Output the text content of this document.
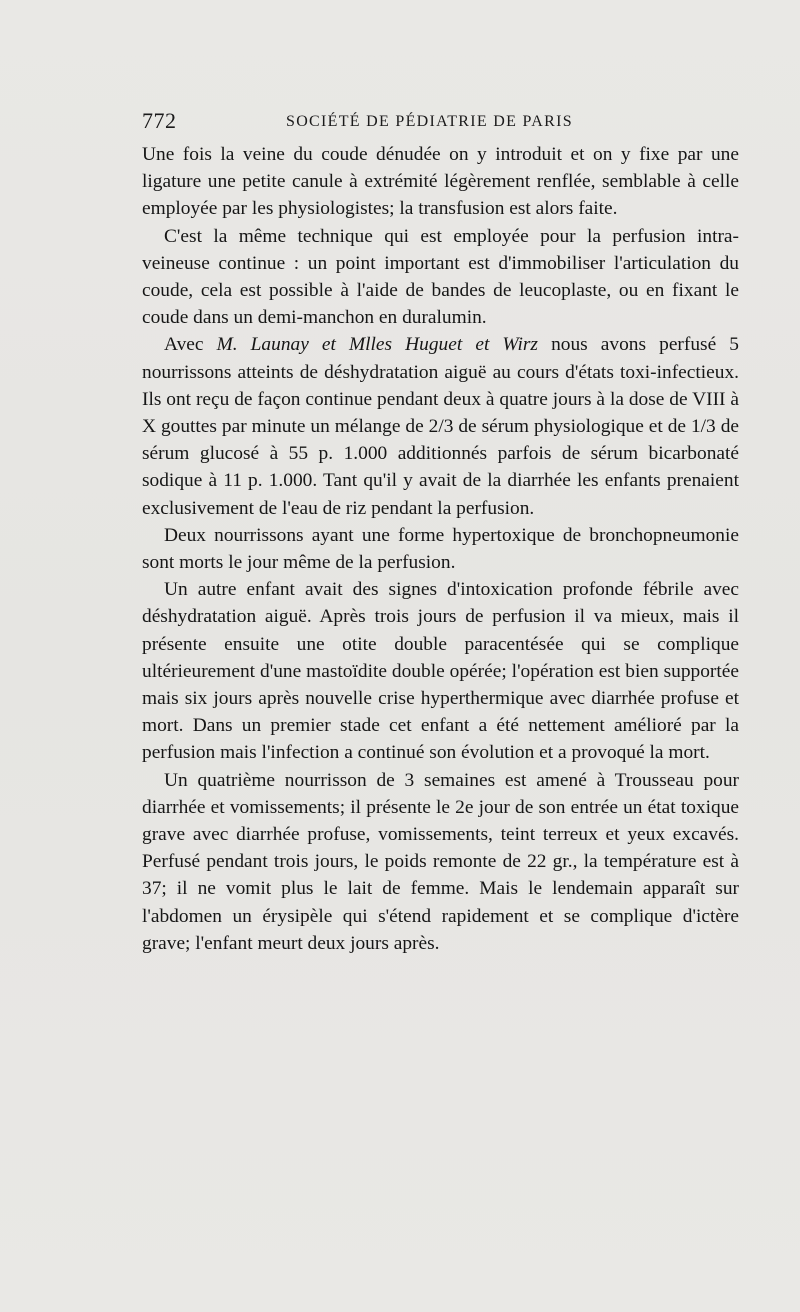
772	SOCIÉTÉ DE PÉDIATRIE DE PARIS

Une fois la veine du coude dénudée on y introduit et on y fixe par une ligature une petite canule à extrémité légèrement renflée, semblable à celle employée par les physiologistes; la transfusion est alors faite.

C'est la même technique qui est employée pour la perfusion intra-veineuse continue : un point important est d'immobiliser l'articulation du coude, cela est possible à l'aide de bandes de leucoplaste, ou en fixant le coude dans un demi-manchon en duralumin.

Avec M. Launay et Mlles Huguet et Wirz nous avons perfusé 5 nourrissons atteints de déshydratation aiguë au cours d'états toxi-infectieux. Ils ont reçu de façon continue pendant deux à quatre jours à la dose de VIII à X gouttes par minute un mélange de 2/3 de sérum physiologique et de 1/3 de sérum glucosé à 55 p. 1.000 additionnés parfois de sérum bicarbonaté sodique à 11 p. 1.000. Tant qu'il y avait de la diarrhée les enfants prenaient exclusivement de l'eau de riz pendant la perfusion.

Deux nourrissons ayant une forme hypertoxique de bronchopneumonie sont morts le jour même de la perfusion.

Un autre enfant avait des signes d'intoxication profonde fébrile avec déshydratation aiguë. Après trois jours de perfusion il va mieux, mais il présente ensuite une otite double paracentésée qui se complique ultérieurement d'une mastoïdite double opérée; l'opération est bien supportée mais six jours après nouvelle crise hyperthermique avec diarrhée profuse et mort. Dans un premier stade cet enfant a été nettement amélioré par la perfusion mais l'infection a continué son évolution et a provoqué la mort.

Un quatrième nourrisson de 3 semaines est amené à Trousseau pour diarrhée et vomissements; il présente le 2e jour de son entrée un état toxique grave avec diarrhée profuse, vomissements, teint terreux et yeux excavés. Perfusé pendant trois jours, le poids remonte de 22 gr., la température est à 37; il ne vomit plus le lait de femme. Mais le lendemain apparaît sur l'abdomen un érysipèle qui s'étend rapidement et se complique d'ictère grave; l'enfant meurt deux jours après.
